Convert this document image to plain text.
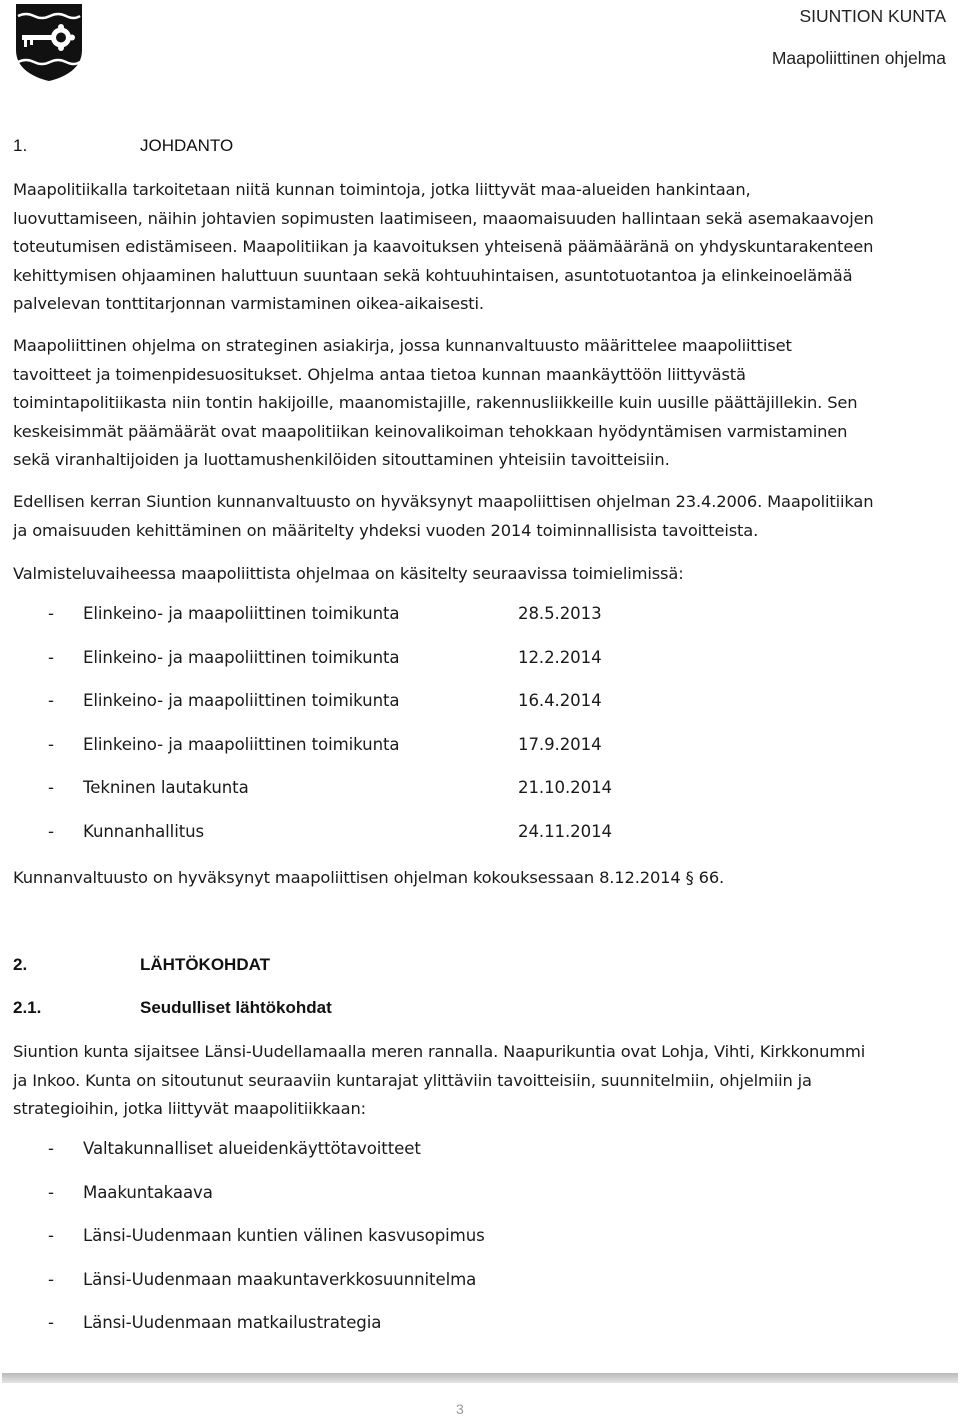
SIUNTION KUNTA
Maapoliittinen ohjelma
1.	JOHDANTO
Maapolitiikalla tarkoitetaan niitä kunnan toimintoja, jotka liittyvät maa-alueiden hankintaan,
luovuttamiseen, näihin johtavien sopimusten laatimiseen, maaomaisuuden hallintaan sekä asemakaavojen
toteutumisen edistämiseen. Maapolitiikan ja kaavoituksen yhteisenä päämääränä on yhdyskuntarakenteen
kehittymisen ohjaaminen haluttuun suuntaan sekä kohtuuhintaisen, asuntotuotantoa ja elinkeinoelämää
palvelevan tonttitarjonnan varmistaminen oikea-aikaisesti.
Maapoliittinen ohjelma on strateginen asiakirja, jossa kunnanvaltuusto määrittelee maapoliittiset
tavoitteet ja toimenpidesuositukset. Ohjelma antaa tietoa kunnan maankäyttöön liittyvästä
toimintapolitiikasta niin tontin hakijoille, maanomistajille, rakennusliikkeille kuin uusille päättäjillekin. Sen
keskeisimmät päämäärät ovat maapolitiikan keinovalikoiman tehokkaan hyödyntämisen varmistaminen
sekä viranhaltijoiden ja luottamushenkilöiden sitouttaminen yhteisiin tavoitteisiin.
Edellisen kerran Siuntion kunnanvaltuusto on hyväksynyt maapoliittisen ohjelman 23.4.2006. Maapolitiikan
ja omaisuuden kehittäminen on määritelty yhdeksi vuoden 2014 toiminnallisista tavoitteista.
Valmisteluvaiheessa maapoliittista ohjelmaa on käsitelty seuraavissa toimielimissä:
- Elinkeino- ja maapoliittinen toimikunta	28.5.2013
- Elinkeino- ja maapoliittinen toimikunta	12.2.2014
- Elinkeino- ja maapoliittinen toimikunta	16.4.2014
- Elinkeino- ja maapoliittinen toimikunta	17.9.2014
- Tekninen lautakunta	21.10.2014
- Kunnanhallitus	24.11.2014
Kunnanvaltuusto on hyväksynyt maapoliittisen ohjelman kokouksessaan 8.12.2014 § 66.
2.	LÄHTÖKOHDAT
2.1.	Seudulliset lähtökohdat
Siuntion kunta sijaitsee Länsi-Uudellamaalla meren rannalla. Naapurikuntia ovat Lohja, Vihti, Kirkkonummi
ja Inkoo. Kunta on sitoutunut seuraaviin kuntarajat ylittäviin tavoitteisiin, suunnitelmiin, ohjelmiin ja
strategioihin, jotka liittyvät maapolitiikkaan:
- Valtakunnalliset alueidenkäyttötavoitteet
- Maakuntakaava
- Länsi-Uudenmaan kuntien välinen kasvusopimus
- Länsi-Uudenmaan maakuntaverkkosuunnitelma
- Länsi-Uudenmaan matkailustrategia
3
